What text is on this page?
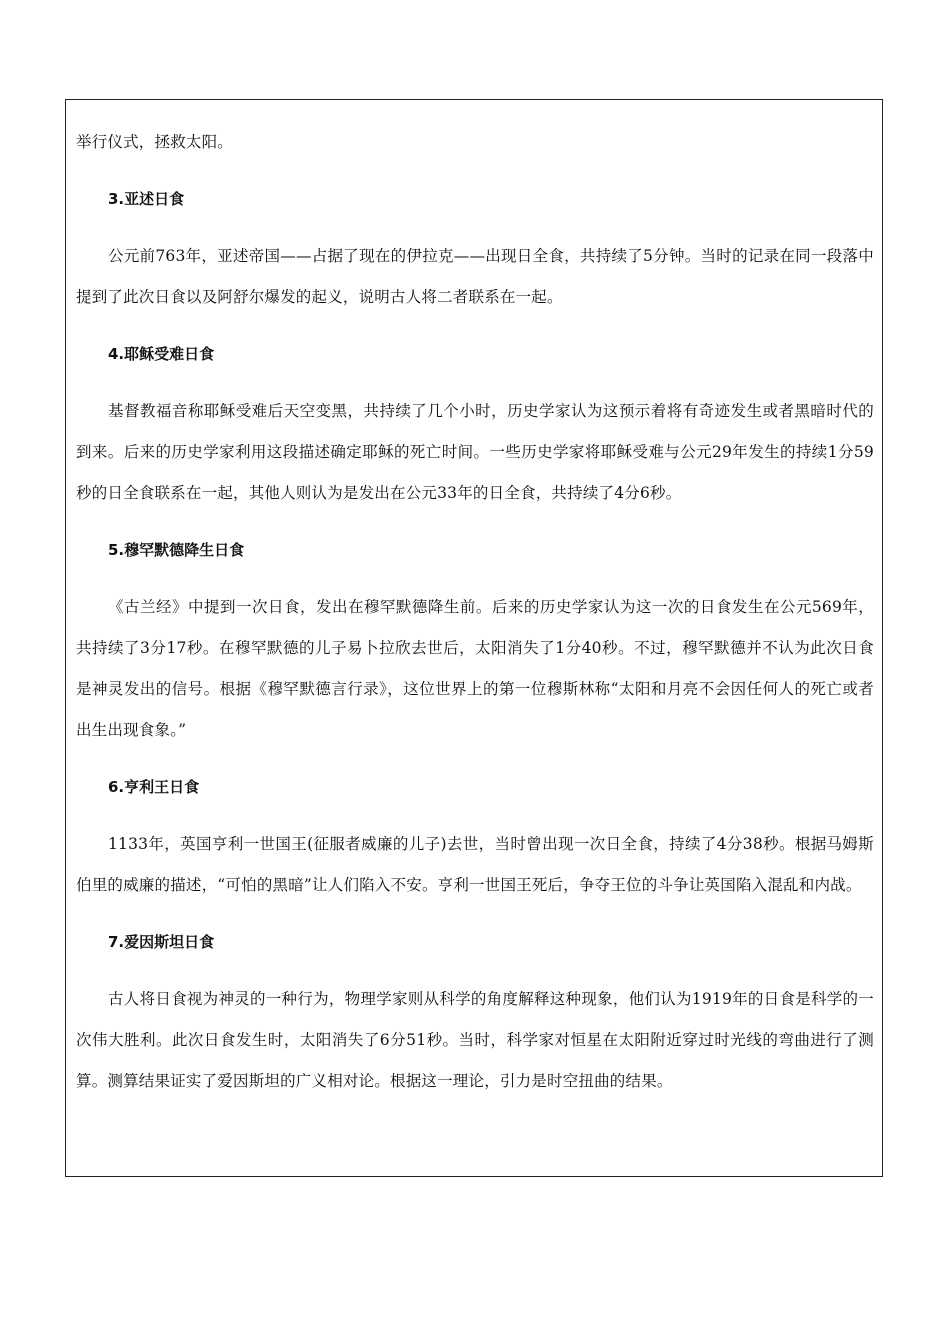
举行仪式，拯救太阳。

3.亚述日食

公元前763年，亚述帝国——占据了现在的伊拉克——出现日全食，共持续了5分钟。当时的记录在同一段落中提到了此次日食以及阿舒尔爆发的起义，说明古人将二者联系在一起。

4.耶稣受难日食

基督教福音称耶稣受难后天空变黑，共持续了几个小时，历史学家认为这预示着将有奇迹发生或者黑暗时代的到来。后来的历史学家利用这段描述确定耶稣的死亡时间。一些历史学家将耶稣受难与公元29年发生的持续1分59秒的日全食联系在一起，其他人则认为是发出在公元33年的日全食，共持续了4分6秒。

5.穆罕默德降生日食

《古兰经》中提到一次日食，发出在穆罕默德降生前。后来的历史学家认为这一次的日食发生在公元569年，共持续了3分17秒。在穆罕默德的儿子易卜拉欣去世后，太阳消失了1分40秒。不过，穆罕默德并不认为此次日食是神灵发出的信号。根据《穆罕默德言行录》，这位世界上的第一位穆斯林称“太阳和月亮不会因任何人的死亡或者出生出现食象。”

6.亨利王日食

1133年，英国亨利一世国王(征服者威廉的儿子)去世，当时曾出现一次日全食，持续了4分38秒。根据马姆斯伯里的威廉的描述，“可怕的黑暗”让人们陷入不安。亨利一世国王死后，争夺王位的斗争让英国陷入混乱和内战。

7.爱因斯坦日食

古人将日食视为神灵的一种行为，物理学家则从科学的角度解释这种现象，他们认为1919年的日食是科学的一次伟大胜利。此次日食发生时，太阳消失了6分51秒。当时，科学家对恒星在太阳附近穿过时光线的弯曲进行了测算。测算结果证实了爱因斯坦的广义相对论。根据这一理论，引力是时空扭曲的结果。
